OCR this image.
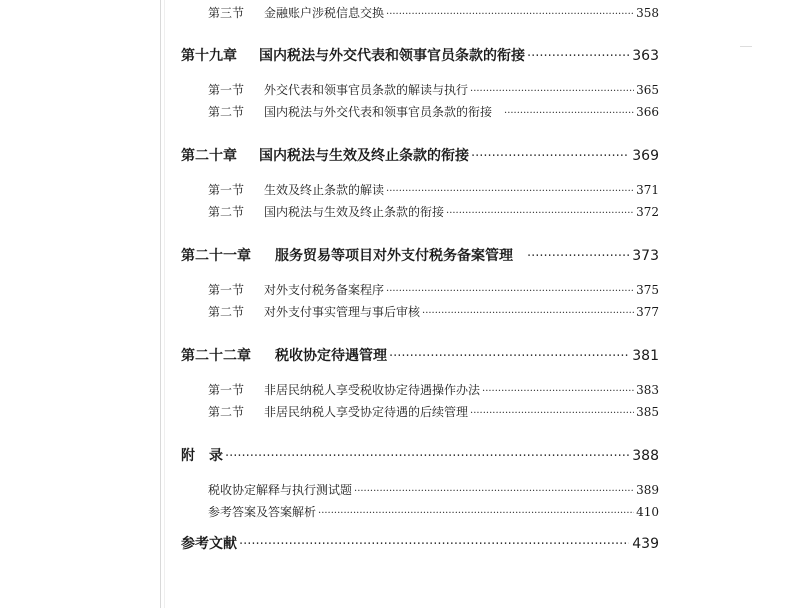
第三节	金融账户涉税信息交换 ·····	358
第十九章	国内税法与外交代表和领事官员条款的衔接 ·····	363
第一节	外交代表和领事官员条款的解读与执行 ·····	365
第二节	国内税法与外交代表和领事官员条款的衔接 ·····	366
第二十章	国内税法与生效及终止条款的衔接 ·····	369
第一节	生效及终止条款的解读 ·····	371
第二节	国内税法与生效及终止条款的衔接 ·····	372
第二十一章	服务贸易等项目对外支付税务备案管理 ·····	373
第一节	对外支付税务备案程序 ·····	375
第二节	对外支付事实管理与事后审核 ·····	377
第二十二章	税收协定待遇管理 ·····	381
第一节	非居民纳税人享受税收协定待遇操作办法 ·····	383
第二节	非居民纳税人享受协定待遇的后续管理 ·····	385
附　录 ·····	388
税收协定解释与执行测试题 ·····	389
参考答案及答案解析 ·····	410
参考文献 ·····	439
